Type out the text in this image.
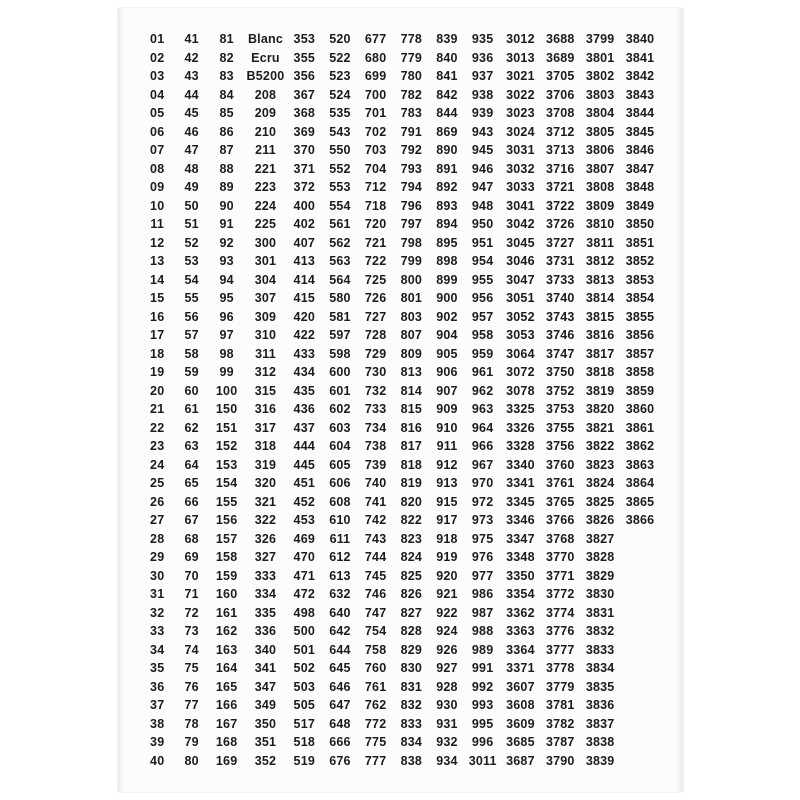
01	41	81	Blanc	353	520	677	778	839	935	3012	3688	3799	3840
02	42	82	Ecru	355	522	680	779	840	936	3013	3689	3801	3841
03	43	83	B5200	356	523	699	780	841	937	3021	3705	3802	3842
04	44	84	208	367	524	700	782	842	938	3022	3706	3803	3843
05	45	85	209	368	535	701	783	844	939	3023	3708	3804	3844
06	46	86	210	369	543	702	791	869	943	3024	3712	3805	3845
07	47	87	211	370	550	703	792	890	945	3031	3713	3806	3846
08	48	88	221	371	552	704	793	891	946	3032	3716	3807	3847
09	49	89	223	372	553	712	794	892	947	3033	3721	3808	3848
10	50	90	224	400	554	718	796	893	948	3041	3722	3809	3849
11	51	91	225	402	561	720	797	894	950	3042	3726	3810	3850
12	52	92	300	407	562	721	798	895	951	3045	3727	3811	3851
13	53	93	301	413	563	722	799	898	954	3046	3731	3812	3852
14	54	94	304	414	564	725	800	899	955	3047	3733	3813	3853
15	55	95	307	415	580	726	801	900	956	3051	3740	3814	3854
16	56	96	309	420	581	727	803	902	957	3052	3743	3815	3855
17	57	97	310	422	597	728	807	904	958	3053	3746	3816	3856
18	58	98	311	433	598	729	809	905	959	3064	3747	3817	3857
19	59	99	312	434	600	730	813	906	961	3072	3750	3818	3858
20	60	100	315	435	601	732	814	907	962	3078	3752	3819	3859
21	61	150	316	436	602	733	815	909	963	3325	3753	3820	3860
22	62	151	317	437	603	734	816	910	964	3326	3755	3821	3861
23	63	152	318	444	604	738	817	911	966	3328	3756	3822	3862
24	64	153	319	445	605	739	818	912	967	3340	3760	3823	3863
25	65	154	320	451	606	740	819	913	970	3341	3761	3824	3864
26	66	155	321	452	608	741	820	915	972	3345	3765	3825	3865
27	67	156	322	453	610	742	822	917	973	3346	3766	3826	3866
28	68	157	326	469	611	743	823	918	975	3347	3768	3827	
29	69	158	327	470	612	744	824	919	976	3348	3770	3828	
30	70	159	333	471	613	745	825	920	977	3350	3771	3829	
31	71	160	334	472	632	746	826	921	986	3354	3772	3830	
32	72	161	335	498	640	747	827	922	987	3362	3774	3831	
33	73	162	336	500	642	754	828	924	988	3363	3776	3832	
34	74	163	340	501	644	758	829	926	989	3364	3777	3833	
35	75	164	341	502	645	760	830	927	991	3371	3778	3834	
36	76	165	347	503	646	761	831	928	992	3607	3779	3835	
37	77	166	349	505	647	762	832	930	993	3608	3781	3836	
38	78	167	350	517	648	772	833	931	995	3609	3782	3837	
39	79	168	351	518	666	775	834	932	996	3685	3787	3838	
40	80	169	352	519	676	777	838	934	3011	3687	3790	3839	
